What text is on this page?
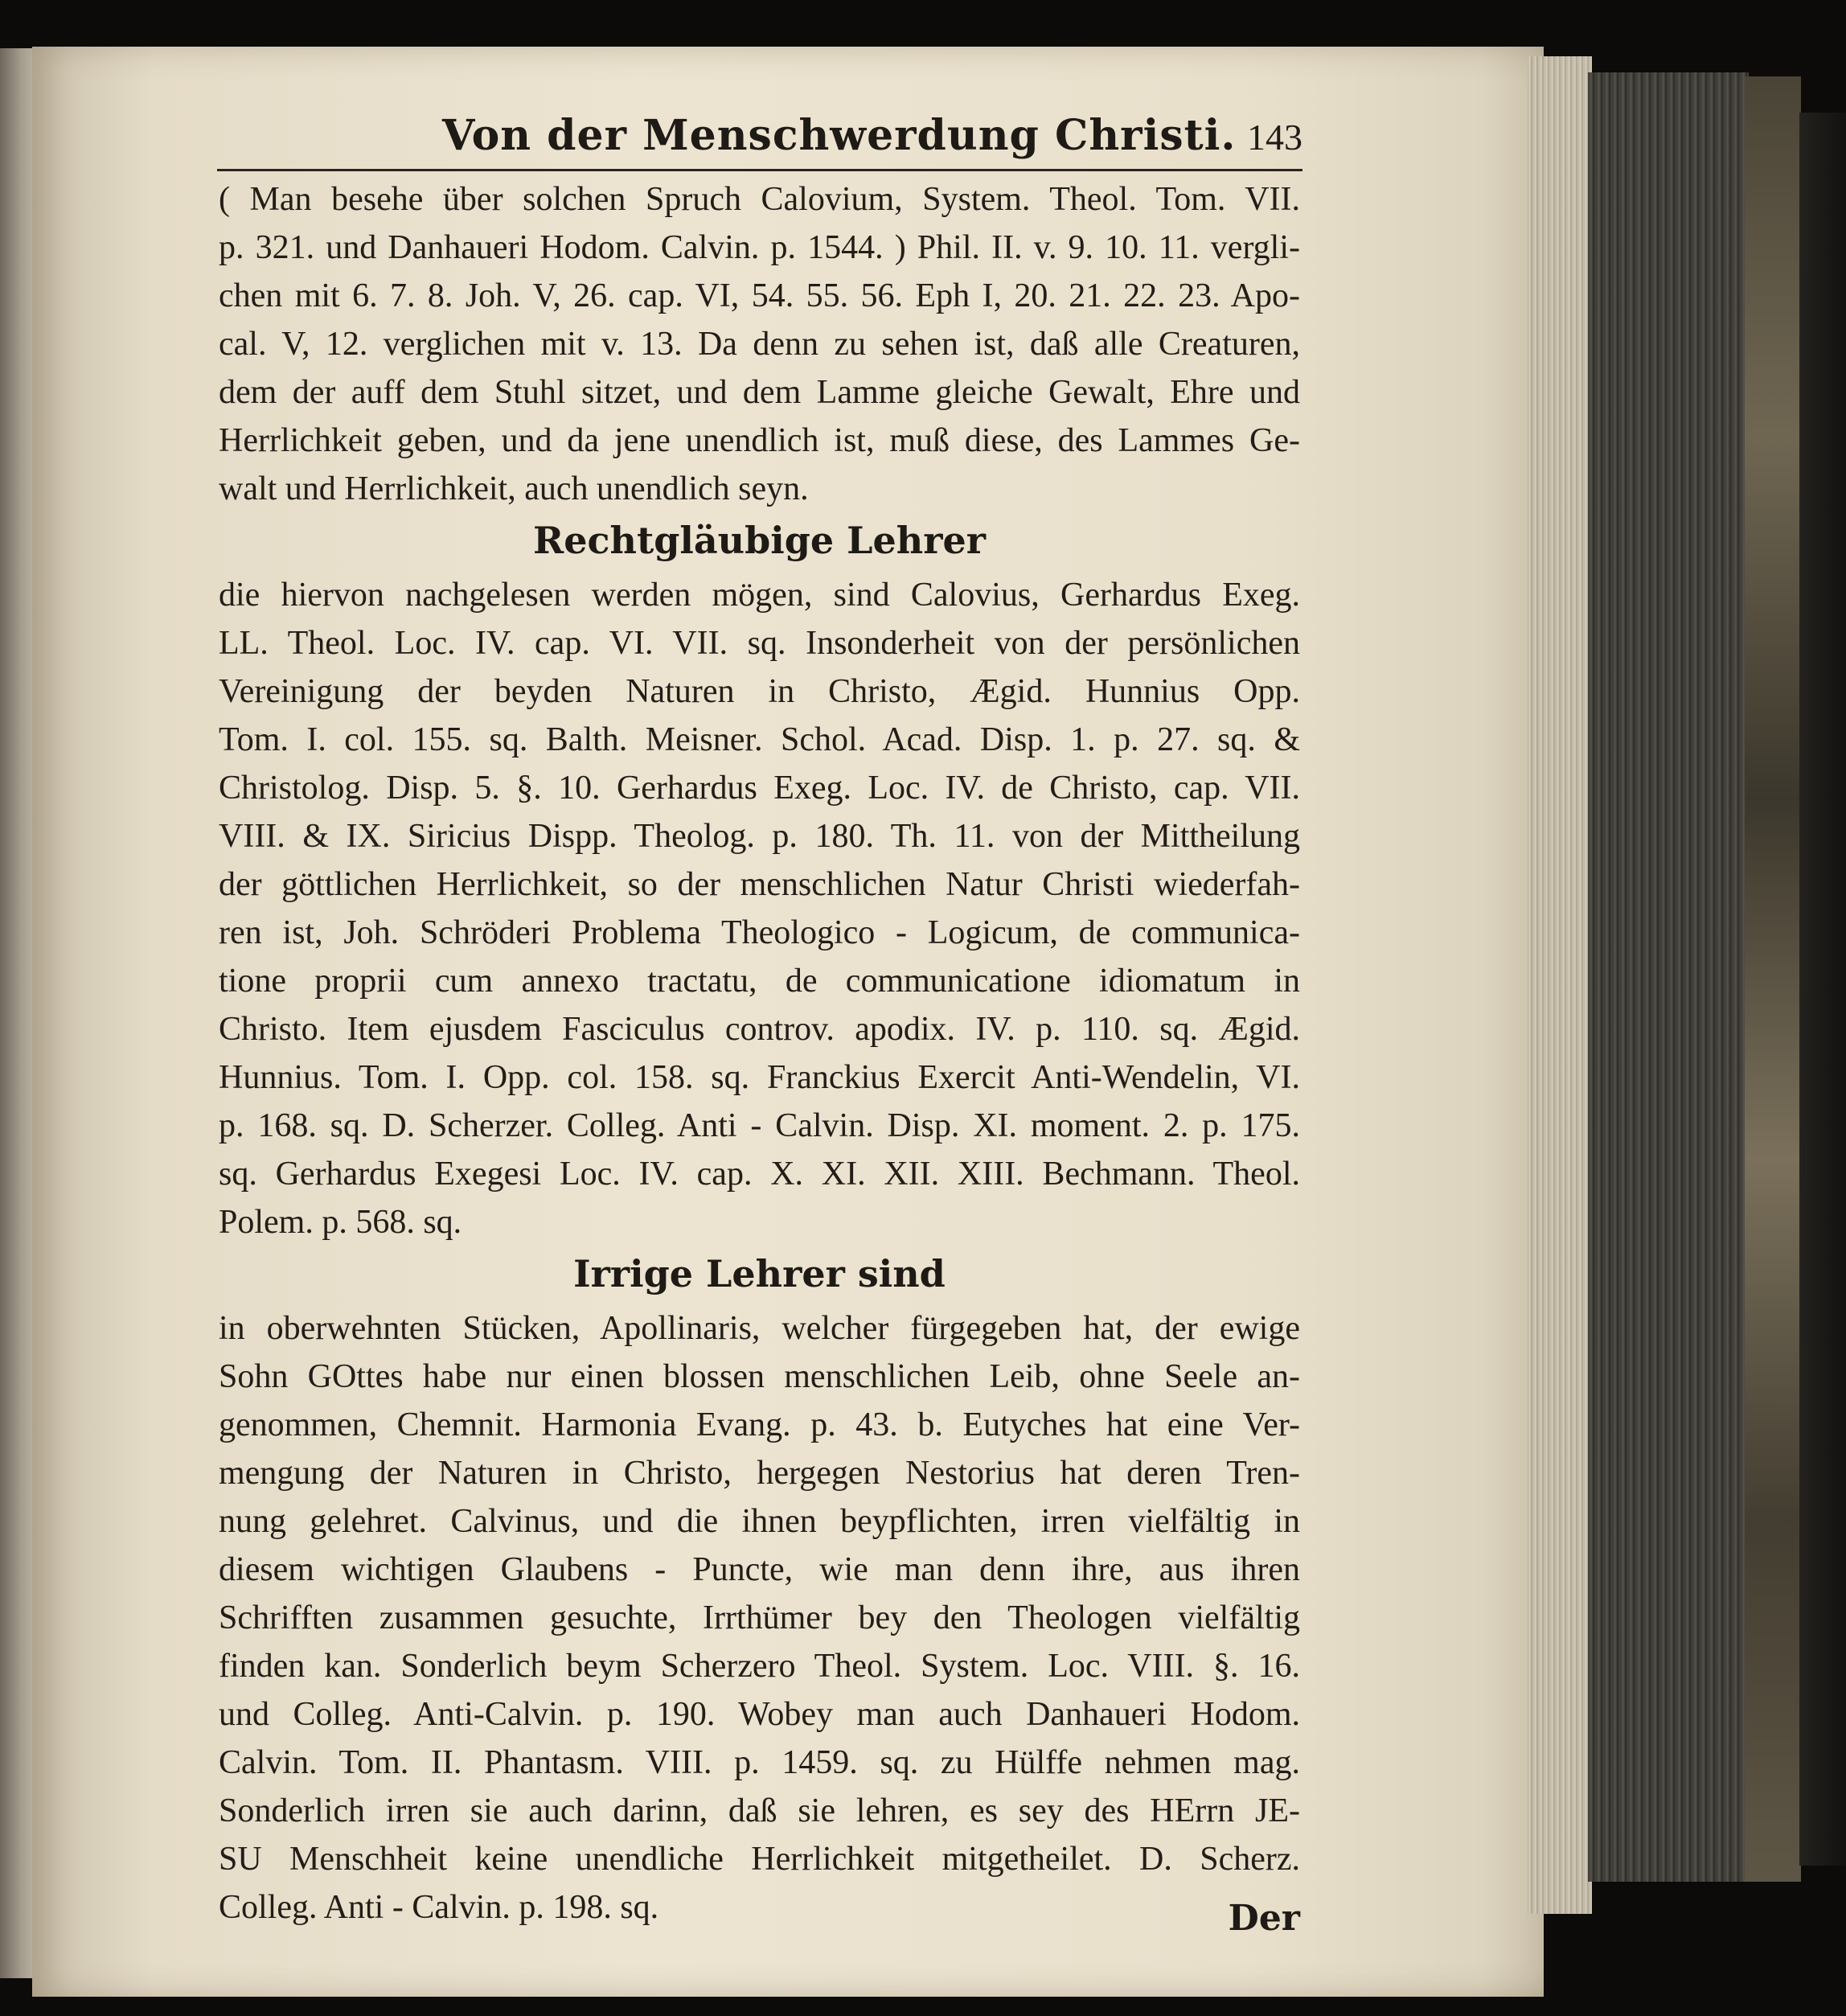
Von der Menschwerdung Christi. 143
( Man besehe über solchen Spruch Calovium, System. Theol. Tom. VII.
p. 321. und Danhaueri Hodom. Calvin. p. 1544. ) Phil. II. v. 9. 10. 11. vergli-
chen mit 6. 7. 8. Joh. V, 26. cap. VI, 54. 55. 56. Eph I, 20. 21. 22. 23. Apo-
cal. V, 12. verglichen mit v. 13. Da denn zu sehen ist, daß alle Creaturen,
dem der auff dem Stuhl sitzet, und dem Lamme gleiche Gewalt, Ehre und
Herrlichkeit geben, und da jene unendlich ist, muß diese, des Lammes Ge-
walt und Herrlichkeit, auch unendlich seyn.
Rechtgläubige Lehrer
die hiervon nachgelesen werden mögen, sind Calovius, Gerhardus Exeg.
LL. Theol. Loc. IV. cap. VI. VII. sq. Insonderheit von der persönlichen
Vereinigung der beyden Naturen in Christo, Ægid. Hunnius Opp.
Tom. I. col. 155. sq. Balth. Meisner. Schol. Acad. Disp. 1. p. 27. sq. &
Christolog. Disp. 5. §. 10. Gerhardus Exeg. Loc. IV. de Christo, cap. VII.
VIII. & IX. Siricius Dispp. Theolog. p. 180. Th. 11. von der Mittheilung
der göttlichen Herrlichkeit, so der menschlichen Natur Christi wiederfah-
ren ist, Joh. Schröderi Problema Theologico - Logicum, de communica-
tione proprii cum annexo tractatu, de communicatione idiomatum in
Christo. Item ejusdem Fasciculus controv. apodix. IV. p. 110. sq. Ægid.
Hunnius. Tom. I. Opp. col. 158. sq. Franckius Exercit Anti-Wendelin, VI.
p. 168. sq. D. Scherzer. Colleg. Anti - Calvin. Disp. XI. moment. 2. p. 175.
sq. Gerhardus Exegesi Loc. IV. cap. X. XI. XII. XIII. Bechmann. Theol.
Polem. p. 568. sq.
Irrige Lehrer sind
in oberwehnten Stücken, Apollinaris, welcher fürgegeben hat, der ewige
Sohn GOttes habe nur einen blossen menschlichen Leib, ohne Seele an-
genommen, Chemnit. Harmonia Evang. p. 43. b. Eutyches hat eine Ver-
mengung der Naturen in Christo, hergegen Nestorius hat deren Tren-
nung gelehret. Calvinus, und die ihnen beypflichten, irren vielfältig in
diesem wichtigen Glaubens - Puncte, wie man denn ihre, aus ihren
Schrifften zusammen gesuchte, Irrthümer bey den Theologen vielfältig
finden kan. Sonderlich beym Scherzero Theol. System. Loc. VIII. §. 16.
und Colleg. Anti-Calvin. p. 190. Wobey man auch Danhaueri Hodom.
Calvin. Tom. II. Phantasm. VIII. p. 1459. sq. zu Hülffe nehmen mag.
Sonderlich irren sie auch darinn, daß sie lehren, es sey des HErrn JE-
SU Menschheit keine unendliche Herrlichkeit mitgetheilet. D. Scherz.
Colleg. Anti - Calvin. p. 198. sq.	Der
